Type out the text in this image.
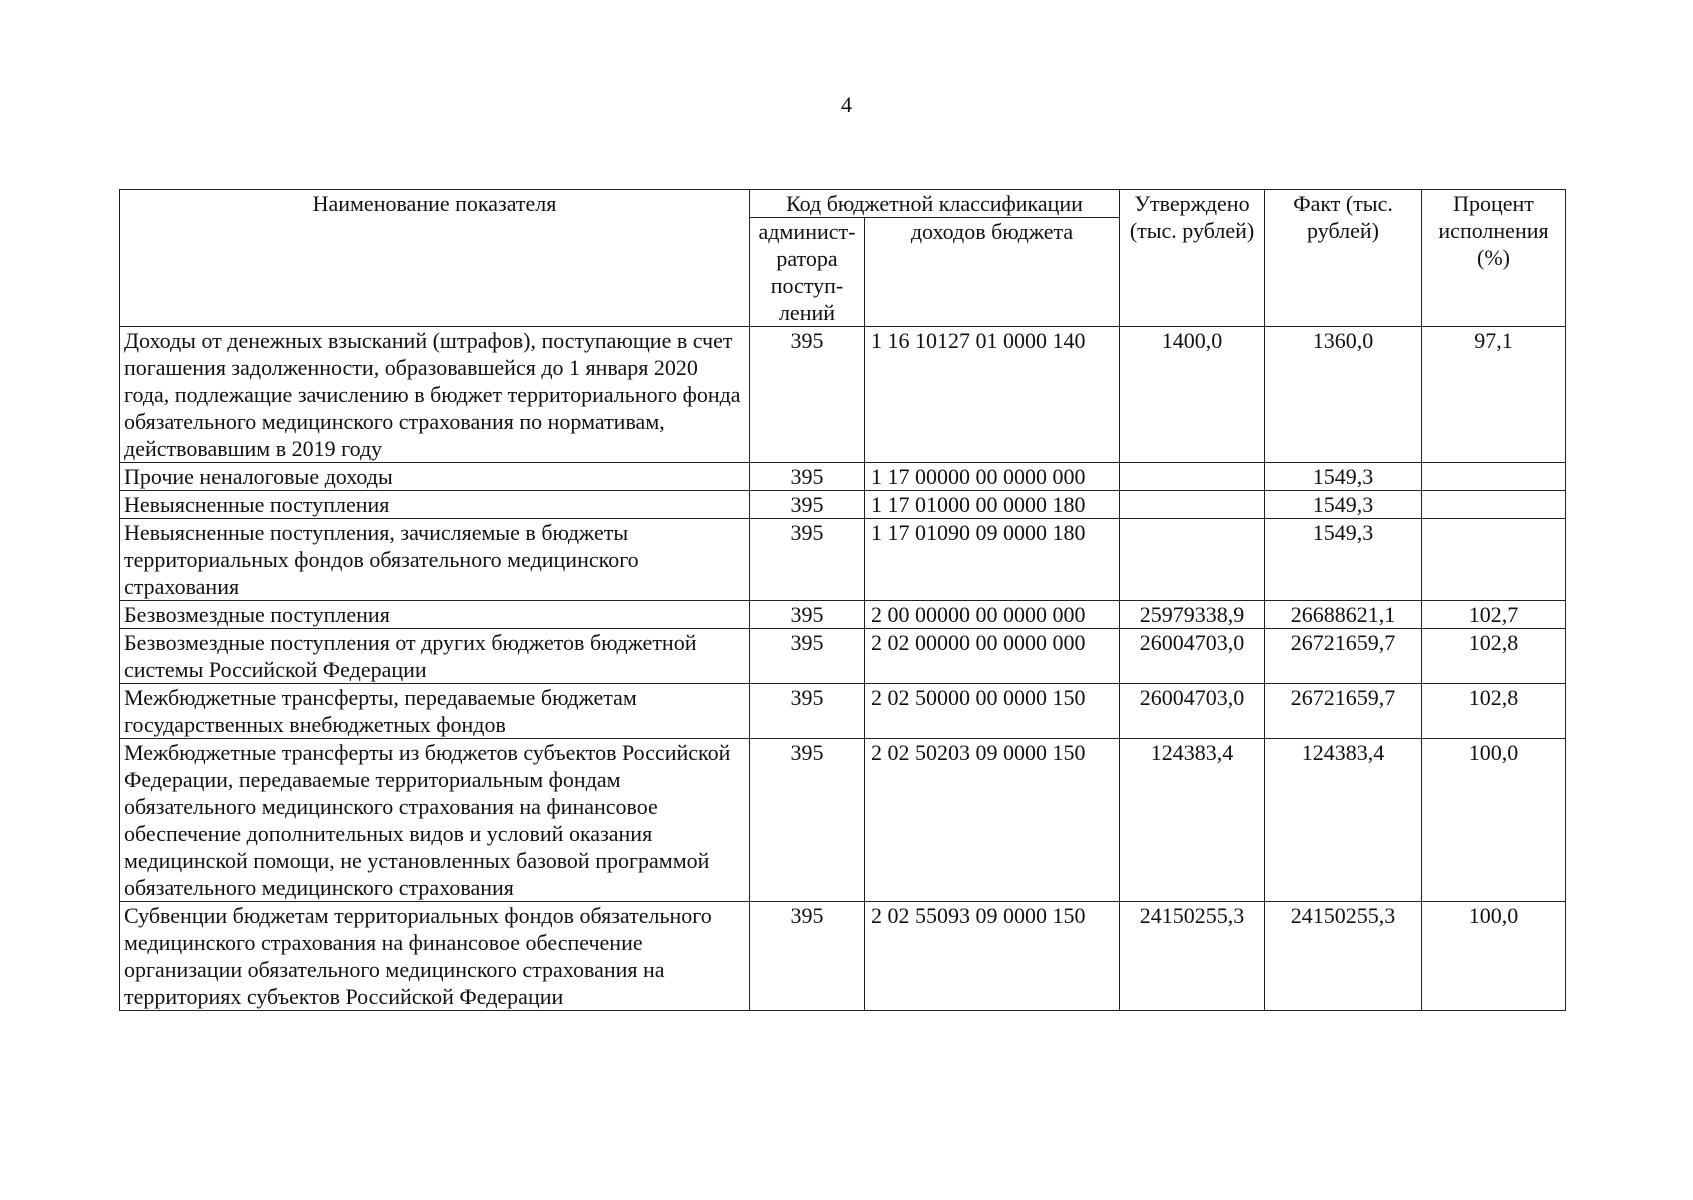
4
Наименование показателя	Код бюджетной классификации		Утверждено (тыс. рублей)	Факт (тыс. рублей)	Процент исполнения (%)
	админист-ратора поступ-лений	доходов бюджета			
Доходы от денежных взысканий (штрафов), поступающие в счет погашения задолженности, образовавшейся до 1 января 2020 года, подлежащие зачислению в бюджет территориального фонда обязательного медицинского страхования по нормативам, действовавшим в 2019 году	395	1 16 10127 01 0000 140	1400,0	1360,0	97,1
Прочие неналоговые доходы	395	1 17 00000 00 0000 000		1549,3	
Невыясненные поступления	395	1 17 01000 00 0000 180		1549,3	
Невыясненные поступления, зачисляемые в бюджеты территориальных фондов обязательного медицинского страхования	395	1 17 01090 09 0000 180		1549,3	
Безвозмездные поступления	395	2 00 00000 00 0000 000	25979338,9	26688621,1	102,7
Безвозмездные поступления от других бюджетов бюджетной системы Российской Федерации	395	2 02 00000 00 0000 000	26004703,0	26721659,7	102,8
Межбюджетные трансферты, передаваемые бюджетам государственных внебюджетных фондов	395	2 02 50000 00 0000 150	26004703,0	26721659,7	102,8
Межбюджетные трансферты из бюджетов субъектов Российской Федерации, передаваемые территориальным фондам обязательного медицинского страхования на финансовое обеспечение дополнительных видов и условий оказания медицинской помощи, не установленных базовой программой обязательного медицинского страхования	395	2 02 50203 09 0000 150	124383,4	124383,4	100,0
Субвенции бюджетам территориальных фондов обязательного медицинского страхования на финансовое обеспечение организации обязательного медицинского страхования на территориях субъектов Российской Федерации	395	2 02 55093 09 0000 150	24150255,3	24150255,3	100,0
